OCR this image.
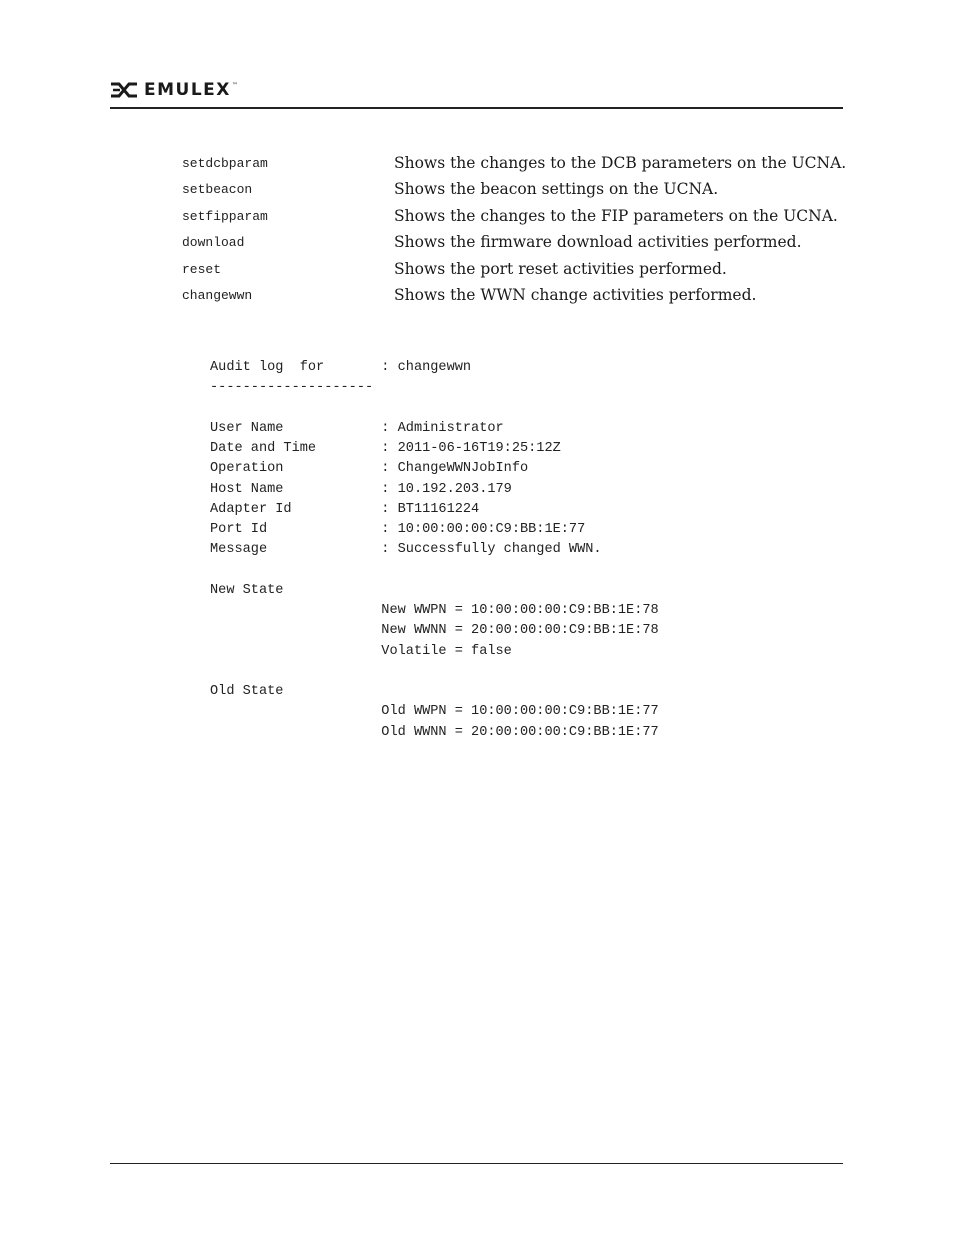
EMULEX ™
setdcbparam	Shows the changes to the DCB parameters on the UCNA.
setbeacon	Shows the beacon settings on the UCNA.
setfipparam	Shows the changes to the FIP parameters on the UCNA.
download	Shows the firmware download activities performed.
reset	Shows the port reset activities performed.
changewwn	Shows the WWN change activities performed.
Audit log  for       : changewwn
--------------------
User Name            : Administrator
Date and Time        : 2011-06-16T19:25:12Z
Operation            : ChangeWWNJobInfo
Host Name            : 10.192.203.179
Adapter Id           : BT11161224
Port Id              : 10:00:00:00:C9:BB:1E:77
Message              : Successfully changed WWN.
New State
New WWPN = 10:00:00:00:C9:BB:1E:78
New WWNN = 20:00:00:00:C9:BB:1E:78
Volatile = false
Old State
Old WWPN = 10:00:00:00:C9:BB:1E:77
Old WWNN = 20:00:00:00:C9:BB:1E:77
